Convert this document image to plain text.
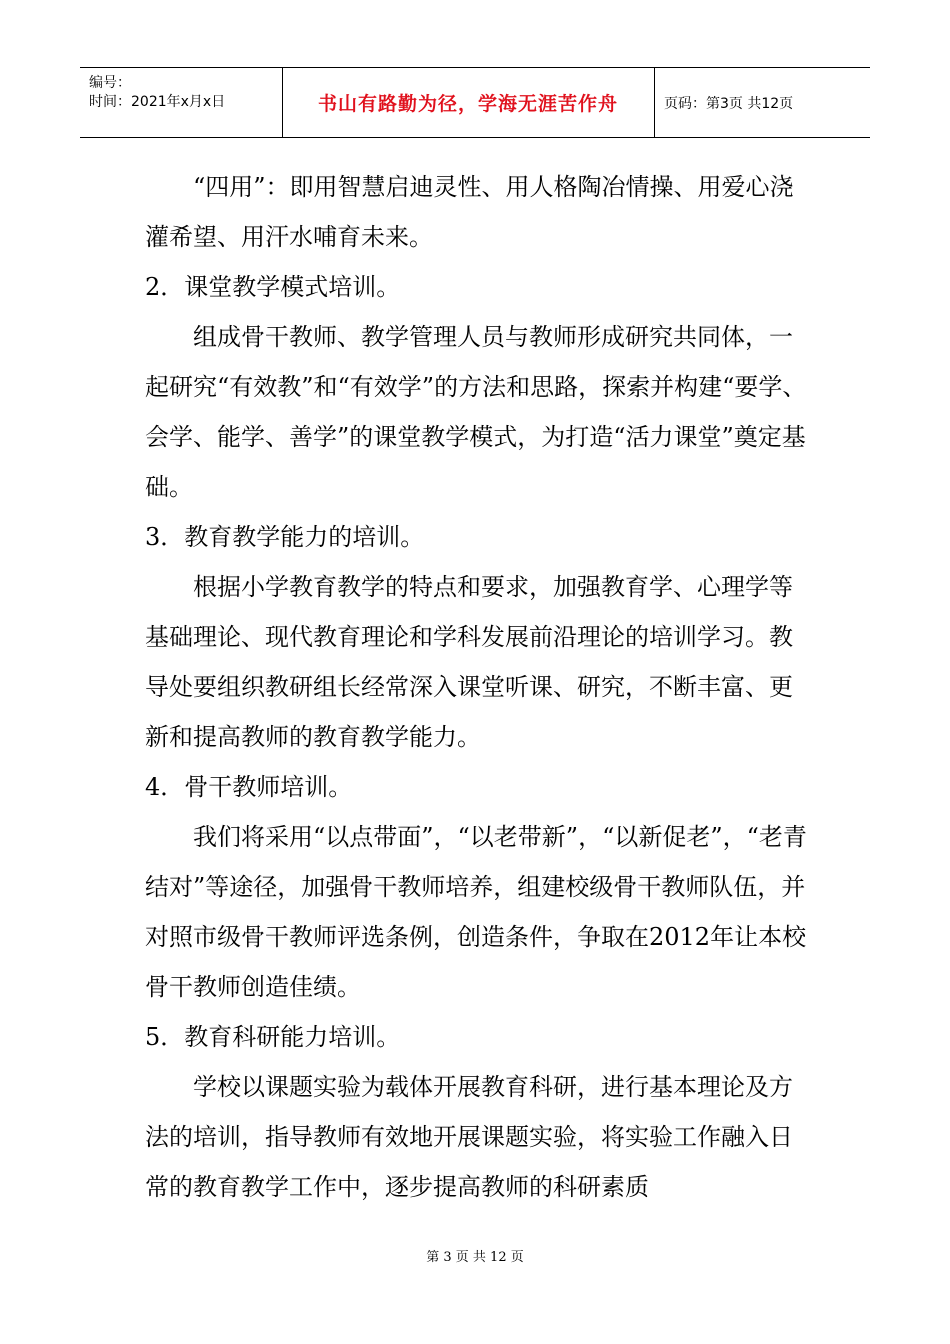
编号：
时间：2021年x月x日	书山有路勤为径，学海无涯苦作舟	页码：第3页 共12页

“四用”：即用智慧启迪灵性、用人格陶冶情操、用爱心浇灌希望、用汗水哺育未来。

2．课堂教学模式培训。

组成骨干教师、教学管理人员与教师形成研究共同体，一起研究“有效教”和“有效学”的方法和思路，探索并构建“要学、会学、能学、善学”的课堂教学模式，为打造“活力课堂”奠定基础。

3．教育教学能力的培训。

根据小学教育教学的特点和要求，加强教育学、心理学等基础理论、现代教育理论和学科发展前沿理论的培训学习。教导处要组织教研组长经常深入课堂听课、研究，不断丰富、更新和提高教师的教育教学能力。

4．骨干教师培训。

我们将采用“以点带面”，“以老带新”，“以新促老”，“老青结对”等途径，加强骨干教师培养，组建校级骨干教师队伍，并对照市级骨干教师评选条例，创造条件，争取在2012年让本校骨干教师创造佳绩。

5．教育科研能力培训。

学校以课题实验为载体开展教育科研，进行基本理论及方法的培训，指导教师有效地开展课题实验，将实验工作融入日常的教育教学工作中，逐步提高教师的科研素质

第 3 页 共 12 页
